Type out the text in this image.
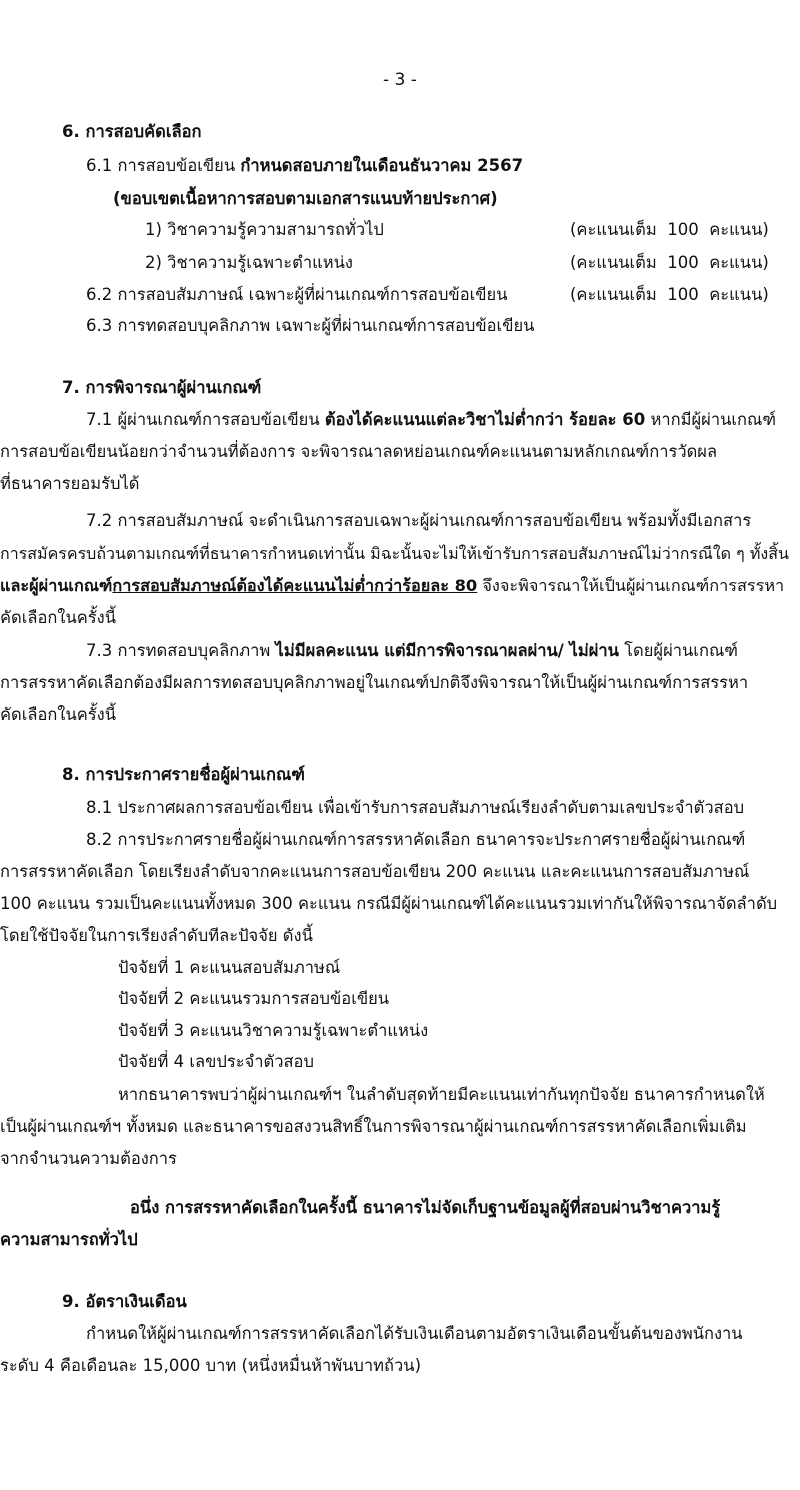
- 3 -
6. การสอบคัดเลือก
6.1 การสอบข้อเขียน กำหนดสอบภายในเดือนธันวาคม 2567
(ขอบเขตเนื้อหาการสอบตามเอกสารแนบท้ายประกาศ)
1) วิชาความรู้ความสามารถทั่วไป	(คะแนนเต็ม 100 คะแนน)
2) วิชาความรู้เฉพาะตำแหน่ง	(คะแนนเต็ม 100 คะแนน)
6.2 การสอบสัมภาษณ์ เฉพาะผู้ที่ผ่านเกณฑ์การสอบข้อเขียน	(คะแนนเต็ม 100 คะแนน)
6.3 การทดสอบบุคลิกภาพ เฉพาะผู้ที่ผ่านเกณฑ์การสอบข้อเขียน
7. การพิจารณาผู้ผ่านเกณฑ์
7.1 ผู้ผ่านเกณฑ์การสอบข้อเขียน ต้องได้คะแนนแต่ละวิชาไม่ต่ำกว่า ร้อยละ 60 หากมีผู้ผ่านเกณฑ์
การสอบข้อเขียนน้อยกว่าจำนวนที่ต้องการ จะพิจารณาลดหย่อนเกณฑ์คะแนนตามหลักเกณฑ์การวัดผล
ที่ธนาคารยอมรับได้
7.2 การสอบสัมภาษณ์ จะดำเนินการสอบเฉพาะผู้ผ่านเกณฑ์การสอบข้อเขียน พร้อมทั้งมีเอกสาร
การสมัครครบถ้วนตามเกณฑ์ที่ธนาคารกำหนดเท่านั้น มิฉะนั้นจะไม่ให้เข้ารับการสอบสัมภาษณ์ไม่ว่ากรณีใด ๆ ทั้งสิ้น
และผู้ผ่านเกณฑ์การสอบสัมภาษณ์ต้องได้คะแนนไม่ต่ำกว่าร้อยละ 80 จึงจะพิจารณาให้เป็นผู้ผ่านเกณฑ์การสรรหา
คัดเลือกในครั้งนี้
7.3 การทดสอบบุคลิกภาพ ไม่มีผลคะแนน แต่มีการพิจารณาผลผ่าน/ ไม่ผ่าน โดยผู้ผ่านเกณฑ์
การสรรหาคัดเลือกต้องมีผลการทดสอบบุคลิกภาพอยู่ในเกณฑ์ปกติจึงพิจารณาให้เป็นผู้ผ่านเกณฑ์การสรรหา
คัดเลือกในครั้งนี้
8. การประกาศรายชื่อผู้ผ่านเกณฑ์
8.1 ประกาศผลการสอบข้อเขียน เพื่อเข้ารับการสอบสัมภาษณ์เรียงลำดับตามเลขประจำตัวสอบ
8.2 การประกาศรายชื่อผู้ผ่านเกณฑ์การสรรหาคัดเลือก ธนาคารจะประกาศรายชื่อผู้ผ่านเกณฑ์
การสรรหาคัดเลือก โดยเรียงลำดับจากคะแนนการสอบข้อเขียน 200 คะแนน และคะแนนการสอบสัมภาษณ์
100 คะแนน รวมเป็นคะแนนทั้งหมด 300 คะแนน กรณีมีผู้ผ่านเกณฑ์ได้คะแนนรวมเท่ากันให้พิจารณาจัดลำดับ
โดยใช้ปัจจัยในการเรียงลำดับทีละปัจจัย ดังนี้
ปัจจัยที่ 1 คะแนนสอบสัมภาษณ์
ปัจจัยที่ 2 คะแนนรวมการสอบข้อเขียน
ปัจจัยที่ 3 คะแนนวิชาความรู้เฉพาะตำแหน่ง
ปัจจัยที่ 4 เลขประจำตัวสอบ
หากธนาคารพบว่าผู้ผ่านเกณฑ์ฯ ในลำดับสุดท้ายมีคะแนนเท่ากันทุกปัจจัย ธนาคารกำหนดให้
เป็นผู้ผ่านเกณฑ์ฯ ทั้งหมด และธนาคารขอสงวนสิทธิ์ในการพิจารณาผู้ผ่านเกณฑ์การสรรหาคัดเลือกเพิ่มเติม
จากจำนวนความต้องการ
อนึ่ง การสรรหาคัดเลือกในครั้งนี้ ธนาคารไม่จัดเก็บฐานข้อมูลผู้ที่สอบผ่านวิชาความรู้
ความสามารถทั่วไป
9. อัตราเงินเดือน
กำหนดให้ผู้ผ่านเกณฑ์การสรรหาคัดเลือกได้รับเงินเดือนตามอัตราเงินเดือนขั้นต้นของพนักงาน
ระดับ 4 คือเดือนละ 15,000 บาท (หนึ่งหมื่นห้าพันบาทถ้วน)
